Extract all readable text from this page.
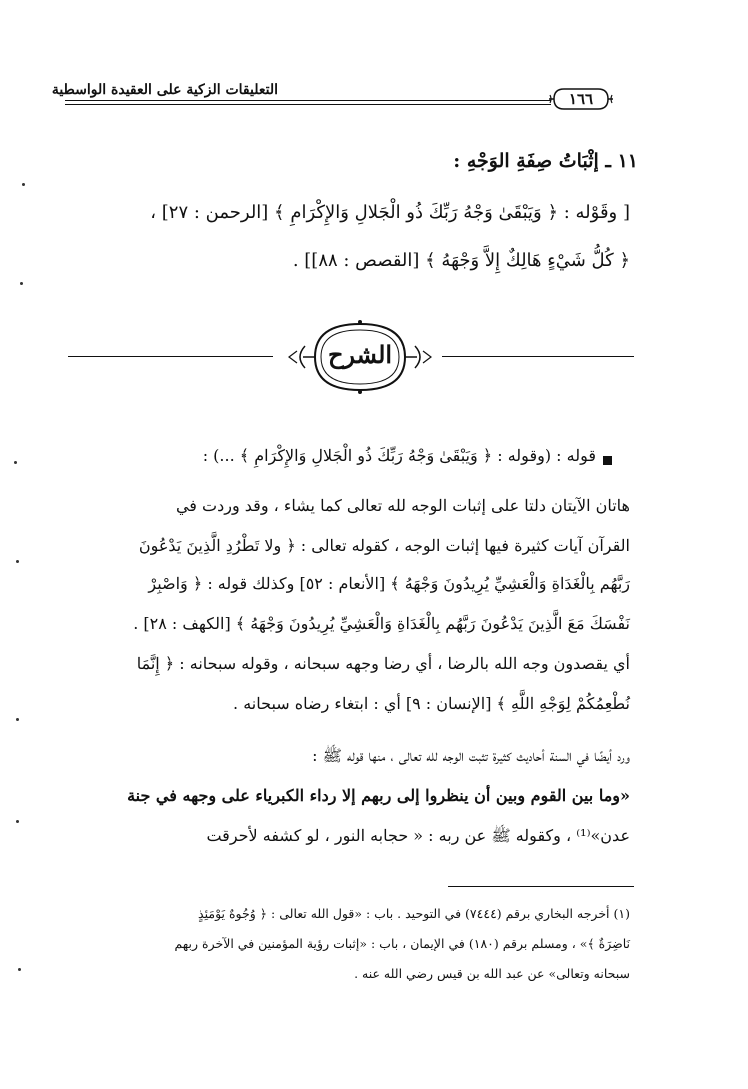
التعليقات الزكية على العقيدة الواسطية	١٦٦
١١ ـ إثْبَاتُ صِفَةِ الوَجْهِ :
[ وقَوْله : ﴿ وَيَبْقَىٰ وَجْهُ رَبِّكَ ذُو الْجَلالِ وَالإِكْرَامِ ﴾ [الرحمن : ٢٧] ،
﴿ كُلُّ شَيْءٍ هَالِكٌ إِلاَّ وَجْهَهُ ﴾ [القصص : ٨٨]] .
الشرح
قوله : (وقوله : ﴿ وَيَبْقَىٰ وَجْهُ رَبِّكَ ذُو الْجَلالِ وَالإِكْرَامِ ﴾ ...) :
هاتان الآيتان دلتا على إثبات الوجه لله تعالى كما يشاء ، وقد وردت في
القرآن آيات كثيرة فيها إثبات الوجه ، كقوله تعالى : ﴿ ولا تَطْرُدِ الَّذِينَ يَدْعُونَ
رَبَّهُم بِالْغَدَاةِ وَالْعَشِيِّ يُرِيدُونَ وَجْهَهُ ﴾ [الأنعام : ٥٢] وكذلك قوله : ﴿ وَاصْبِرْ
نَفْسَكَ مَعَ الَّذِينَ يَدْعُونَ رَبَّهُم بِالْغَدَاةِ وَالْعَشِيِّ يُرِيدُونَ وَجْهَهُ ﴾ [الكهف : ٢٨] .
أي يقصدون وجه الله بالرضا ، أي رضا وجهه سبحانه ، وقوله سبحانه : ﴿ إِنَّمَا
نُطْعِمُكُمْ لِوَجْهِ اللَّهِ ﴾ [الإنسان : ٩] أي : ابتغاء رضاه سبحانه .
ورد أيضًا في السنة أحاديث كثيرة تثبت الوجه لله تعالى ، منها قوله ﷺ :
«وما بين القوم وبين أن ينظروا إلى ربهم إلا رداء الكبرياء على وجهه في جنة
عدن»⁽¹⁾ ، وكقوله ﷺ عن ربه : « حجابه النور ، لو كشفه لأحرقت
(١) أخرجه البخاري برقم (٧٤٤٤) في التوحيد . باب : «قول الله تعالى : ﴿ وُجُوهٌ يَوْمَئِذٍ
نَاضِرَةٌ ﴾» ، ومسلم برقم (١٨٠) في الإيمان ، باب : «إثبات رؤية المؤمنين في الآخرة ربهم
سبحانه وتعالى» عن عبد الله بن قيس رضي الله عنه .
